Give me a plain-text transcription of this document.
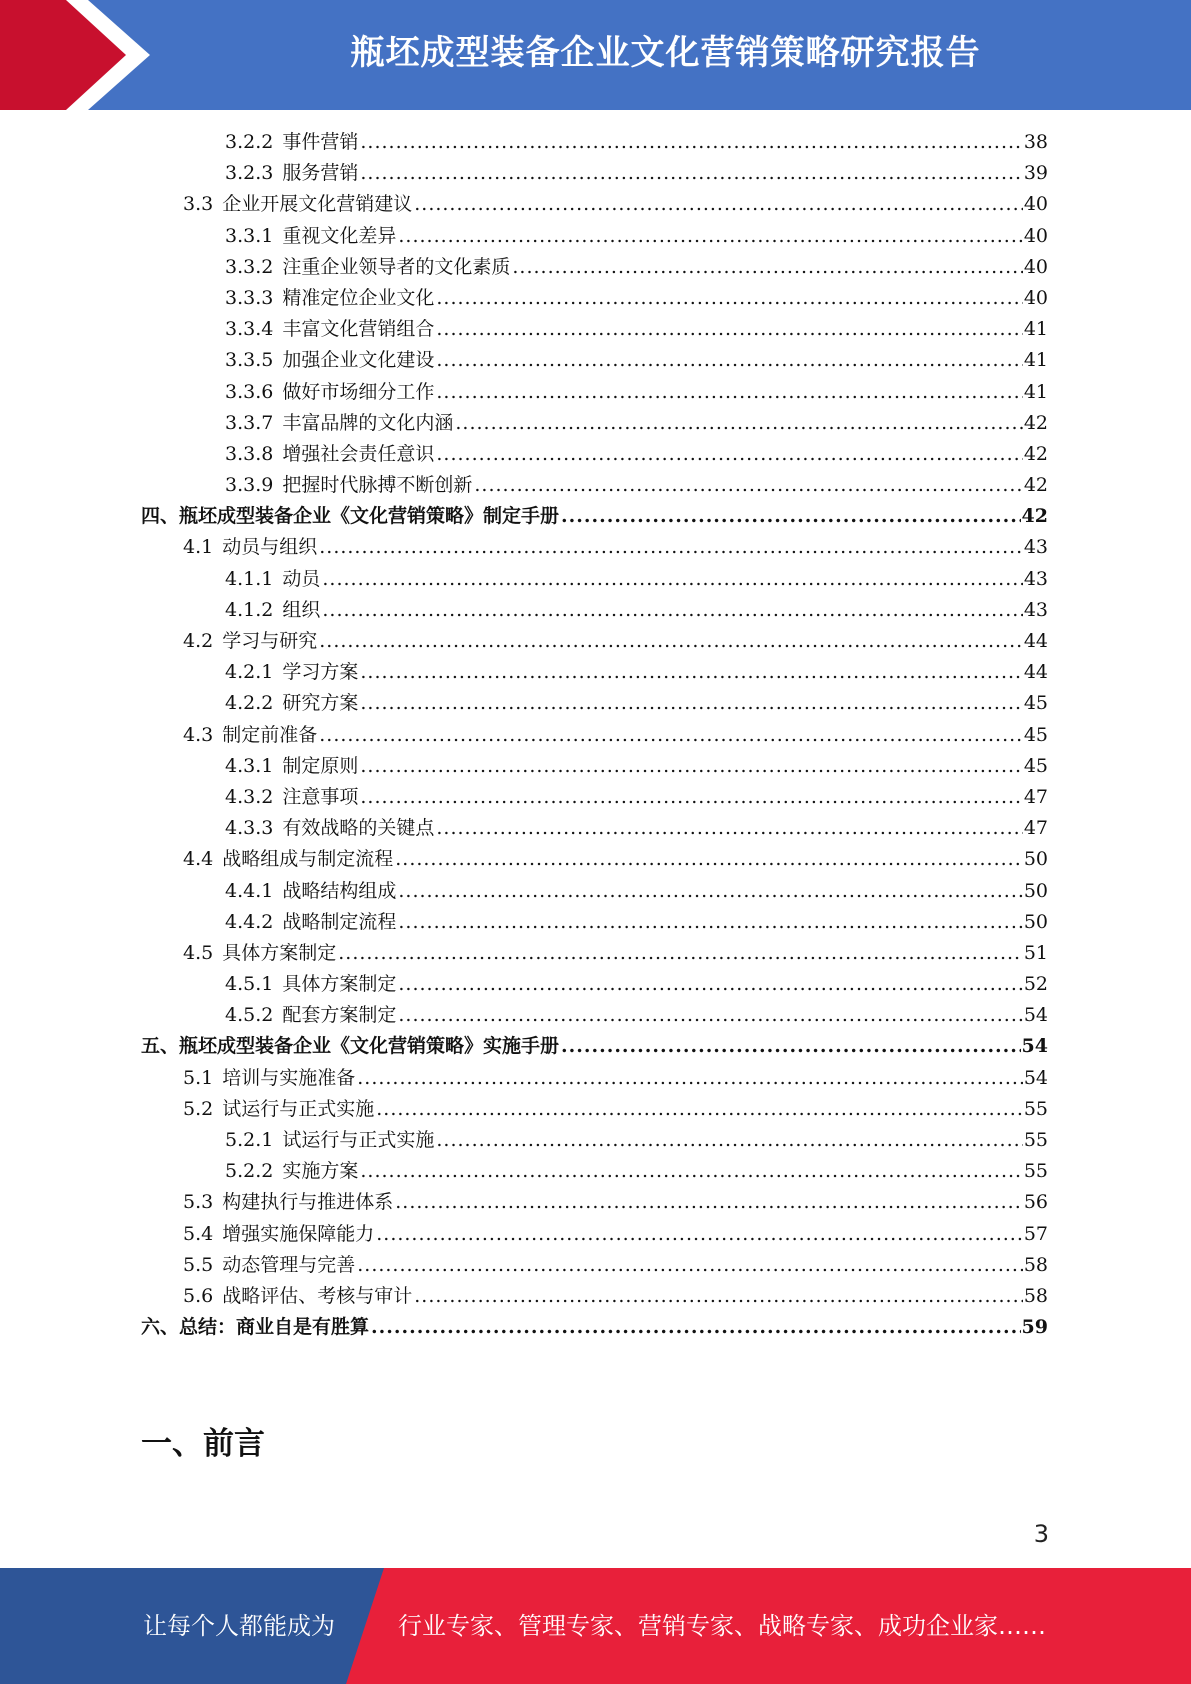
瓶坯成型装备企业文化营销策略研究报告
3.2.2 事件营销 .....	38
3.2.3 服务营销 .....	39
3.3 企业开展文化营销建议 .....	40
3.3.1 重视文化差异 .....	40
3.3.2 注重企业领导者的文化素质 .....	40
3.3.3 精准定位企业文化 .....	40
3.3.4 丰富文化营销组合 .....	41
3.3.5 加强企业文化建设 .....	41
3.3.6 做好市场细分工作 .....	41
3.3.7 丰富品牌的文化内涵 .....	42
3.3.8 增强社会责任意识 .....	42
3.3.9 把握时代脉搏不断创新 .....	42
四、瓶坯成型装备企业《文化营销策略》制定手册 .....	42
4.1 动员与组织 .....	43
4.1.1 动员 .....	43
4.1.2 组织 .....	43
4.2 学习与研究 .....	44
4.2.1 学习方案 .....	44
4.2.2 研究方案 .....	45
4.3 制定前准备 .....	45
4.3.1 制定原则 .....	45
4.3.2 注意事项 .....	47
4.3.3 有效战略的关键点 .....	47
4.4 战略组成与制定流程 .....	50
4.4.1 战略结构组成 .....	50
4.4.2 战略制定流程 .....	50
4.5 具体方案制定 .....	51
4.5.1 具体方案制定 .....	52
4.5.2 配套方案制定 .....	54
五、瓶坯成型装备企业《文化营销策略》实施手册 .....	54
5.1 培训与实施准备 .....	54
5.2 试运行与正式实施 .....	55
5.2.1 试运行与正式实施 .....	55
5.2.2 实施方案 .....	55
5.3 构建执行与推进体系 .....	56
5.4 增强实施保障能力 .....	57
5.5 动态管理与完善 .....	58
5.6 战略评估、考核与审计 .....	58
六、总结：商业自是有胜算 .....	59
一、前言
3
让每个人都能成为	行业专家、管理专家、营销专家、战略专家、成功企业家……
